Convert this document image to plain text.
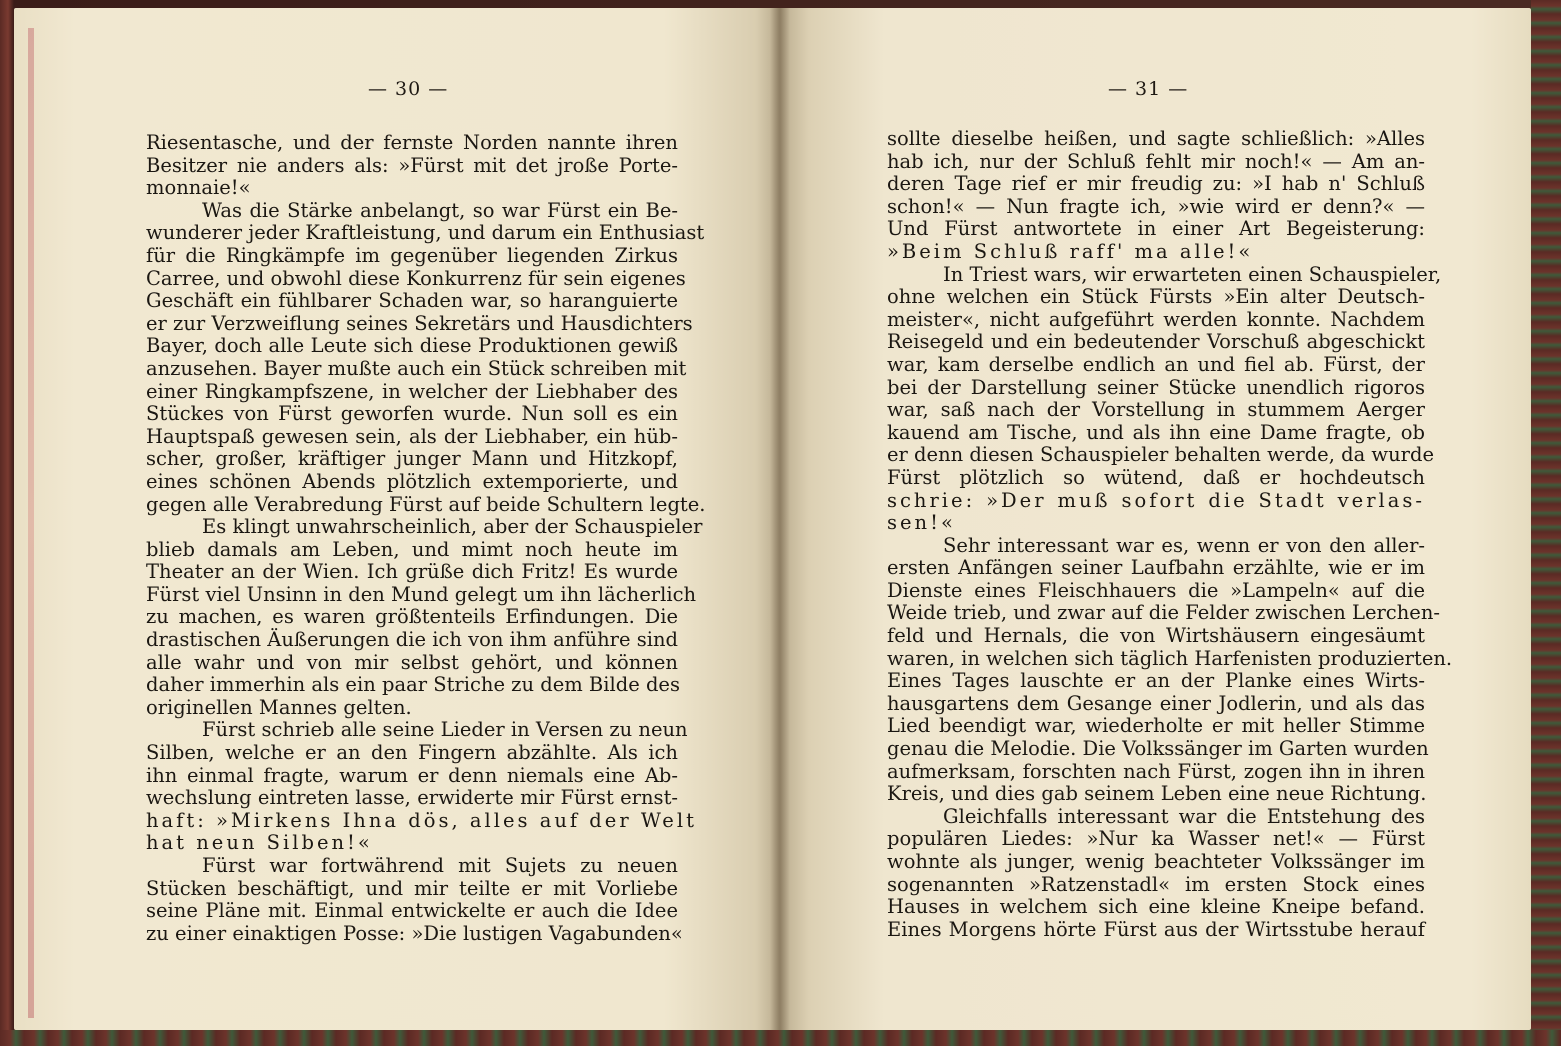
— 30 —	— 31 —
Riesentasche, und der fernste Norden nannte ihren
Besitzer nie anders als: »Fürst mit det jroße Porte-
monnaie!«
Was die Stärke anbelangt, so war Fürst ein Be-
wunderer jeder Kraftleistung, und darum ein Enthusiast
für die Ringkämpfe im gegenüber liegenden Zirkus
Carree, und obwohl diese Konkurrenz für sein eigenes
Geschäft ein fühlbarer Schaden war, so haranguierte
er zur Verzweiflung seines Sekretärs und Hausdichters
Bayer, doch alle Leute sich diese Produktionen gewiß
anzusehen. Bayer mußte auch ein Stück schreiben mit
einer Ringkampfszene, in welcher der Liebhaber des
Stückes von Fürst geworfen wurde. Nun soll es ein
Hauptspaß gewesen sein, als der Liebhaber, ein hüb-
scher, großer, kräftiger junger Mann und Hitzkopf,
eines schönen Abends plötzlich extemporierte, und
gegen alle Verabredung Fürst auf beide Schultern legte.
Es klingt unwahrscheinlich, aber der Schauspieler
blieb damals am Leben, und mimt noch heute im
Theater an der Wien. Ich grüße dich Fritz! Es wurde
Fürst viel Unsinn in den Mund gelegt um ihn lächerlich
zu machen, es waren größtenteils Erfindungen. Die
drastischen Äußerungen die ich von ihm anführe sind
alle wahr und von mir selbst gehört, und können
daher immerhin als ein paar Striche zu dem Bilde des
originellen Mannes gelten.
Fürst schrieb alle seine Lieder in Versen zu neun
Silben, welche er an den Fingern abzählte. Als ich
ihn einmal fragte, warum er denn niemals eine Ab-
wechslung eintreten lasse, erwiderte mir Fürst ernst-
haft: »Mirkens Ihna dös, alles auf der Welt
hat neun Silben!«
Fürst war fortwährend mit Sujets zu neuen
Stücken beschäftigt, und mir teilte er mit Vorliebe
seine Pläne mit. Einmal entwickelte er auch die Idee
zu einer einaktigen Posse: »Die lustigen Vagabunden«
sollte dieselbe heißen, und sagte schließlich: »Alles
hab ich, nur der Schluß fehlt mir noch!« — Am an-
deren Tage rief er mir freudig zu: »I hab n' Schluß
schon!« — Nun fragte ich, »wie wird er denn?« —
Und Fürst antwortete in einer Art Begeisterung:
»Beim Schluß raff' ma alle!«
In Triest wars, wir erwarteten einen Schauspieler,
ohne welchen ein Stück Fürsts »Ein alter Deutsch-
meister«, nicht aufgeführt werden konnte. Nachdem
Reisegeld und ein bedeutender Vorschuß abgeschickt
war, kam derselbe endlich an und fiel ab. Fürst, der
bei der Darstellung seiner Stücke unendlich rigoros
war, saß nach der Vorstellung in stummem Aerger
kauend am Tische, und als ihn eine Dame fragte, ob
er denn diesen Schauspieler behalten werde, da wurde
Fürst plötzlich so wütend, daß er hochdeutsch
schrie: »Der muß sofort die Stadt verlas-
sen!«
Sehr interessant war es, wenn er von den aller-
ersten Anfängen seiner Laufbahn erzählte, wie er im
Dienste eines Fleischhauers die »Lampeln« auf die
Weide trieb, und zwar auf die Felder zwischen Lerchen-
feld und Hernals, die von Wirtshäusern eingesäumt
waren, in welchen sich täglich Harfenisten produzierten.
Eines Tages lauschte er an der Planke eines Wirts-
hausgartens dem Gesange einer Jodlerin, und als das
Lied beendigt war, wiederholte er mit heller Stimme
genau die Melodie. Die Volkssänger im Garten wurden
aufmerksam, forschten nach Fürst, zogen ihn in ihren
Kreis, und dies gab seinem Leben eine neue Richtung.
Gleichfalls interessant war die Entstehung des
populären Liedes: »Nur ka Wasser net!« — Fürst
wohnte als junger, wenig beachteter Volkssänger im
sogenannten »Ratzenstadl« im ersten Stock eines
Hauses in welchem sich eine kleine Kneipe befand.
Eines Morgens hörte Fürst aus der Wirtsstube herauf
